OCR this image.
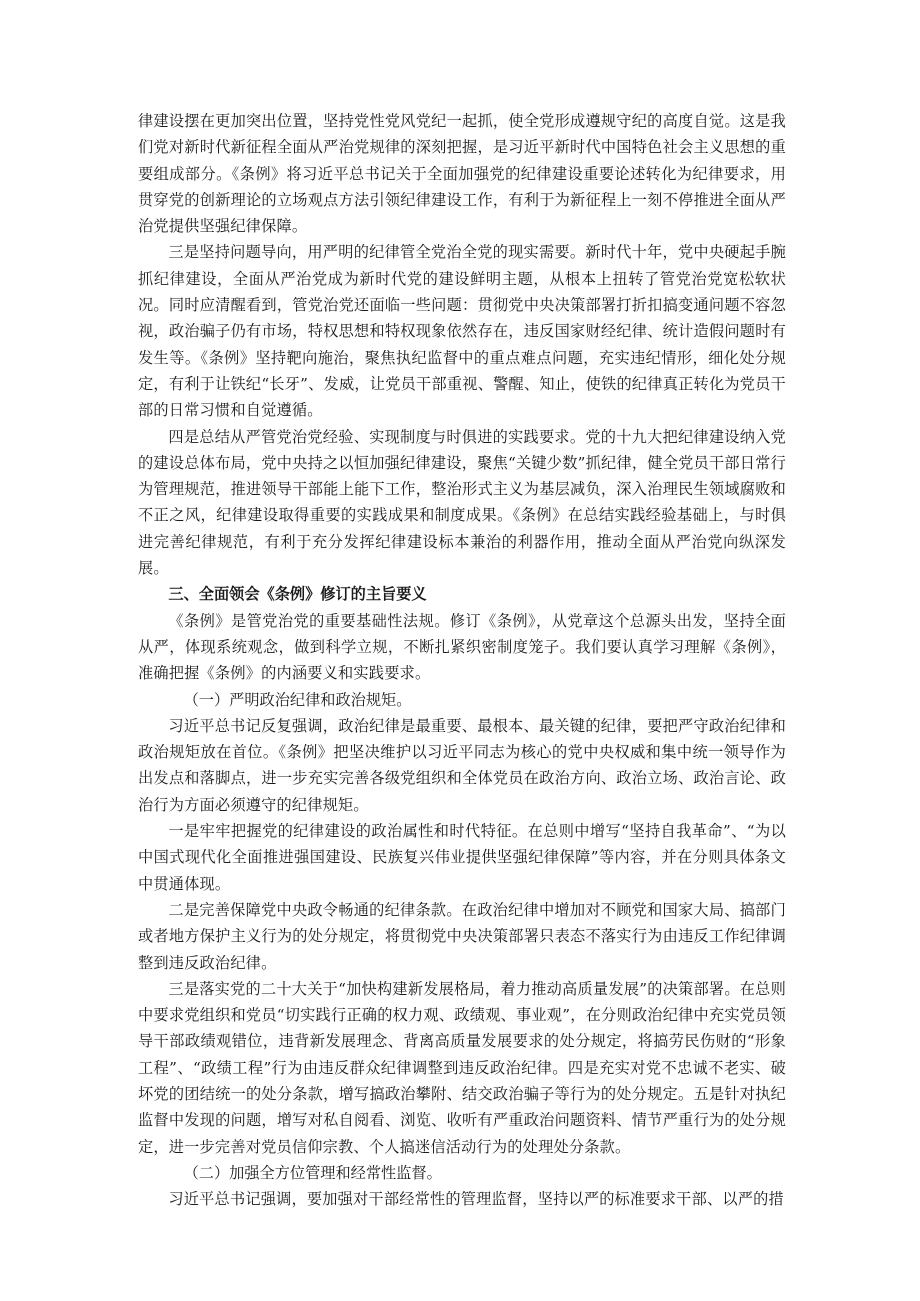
律建设摆在更加突出位置，坚持党性党风党纪一起抓，使全党形成遵规守纪的高度自觉。这是我们党对新时代新征程全面从严治党规律的深刻把握，是习近平新时代中国特色社会主义思想的重要组成部分。《条例》将习近平总书记关于全面加强党的纪律建设重要论述转化为纪律要求，用贯穿党的创新理论的立场观点方法引领纪律建设工作，有利于为新征程上一刻不停推进全面从严治党提供坚强纪律保障。

三是坚持问题导向，用严明的纪律管全党治全党的现实需要。新时代十年，党中央硬起手腕抓纪律建设，全面从严治党成为新时代党的建设鲜明主题，从根本上扭转了管党治党宽松软状况。同时应清醒看到，管党治党还面临一些问题：贯彻党中央决策部署打折扣搞变通问题不容忽视，政治骗子仍有市场，特权思想和特权现象依然存在，违反国家财经纪律、统计造假问题时有发生等。《条例》坚持靶向施治，聚焦执纪监督中的重点难点问题，充实违纪情形，细化处分规定，有利于让铁纪“长牙”、发威，让党员干部重视、警醒、知止，使铁的纪律真正转化为党员干部的日常习惯和自觉遵循。

四是总结从严管党治党经验、实现制度与时俱进的实践要求。党的十九大把纪律建设纳入党的建设总体布局，党中央持之以恒加强纪律建设，聚焦“关键少数”抓纪律，健全党员干部日常行为管理规范，推进领导干部能上能下工作，整治形式主义为基层减负，深入治理民生领域腐败和不正之风，纪律建设取得重要的实践成果和制度成果。《条例》在总结实践经验基础上，与时俱进完善纪律规范，有利于充分发挥纪律建设标本兼治的利器作用，推动全面从严治党向纵深发展。

三、全面领会《条例》修订的主旨要义

《条例》是管党治党的重要基础性法规。修订《条例》，从党章这个总源头出发，坚持全面从严，体现系统观念，做到科学立规，不断扎紧织密制度笼子。我们要认真学习理解《条例》，准确把握《条例》的内涵要义和实践要求。

（一）严明政治纪律和政治规矩。

习近平总书记反复强调，政治纪律是最重要、最根本、最关键的纪律，要把严守政治纪律和政治规矩放在首位。《条例》把坚决维护以习近平同志为核心的党中央权威和集中统一领导作为出发点和落脚点，进一步充实完善各级党组织和全体党员在政治方向、政治立场、政治言论、政治行为方面必须遵守的纪律规矩。

一是牢牢把握党的纪律建设的政治属性和时代特征。在总则中增写“坚持自我革命”、“为以中国式现代化全面推进强国建设、民族复兴伟业提供坚强纪律保障”等内容，并在分则具体条文中贯通体现。

二是完善保障党中央政令畅通的纪律条款。在政治纪律中增加对不顾党和国家大局、搞部门或者地方保护主义行为的处分规定，将贯彻党中央决策部署只表态不落实行为由违反工作纪律调整到违反政治纪律。

三是落实党的二十大关于“加快构建新发展格局，着力推动高质量发展”的决策部署。在总则中要求党组织和党员“切实践行正确的权力观、政绩观、事业观”，在分则政治纪律中充实党员领导干部政绩观错位，违背新发展理念、背离高质量发展要求的处分规定，将搞劳民伤财的“形象工程”、“政绩工程”行为由违反群众纪律调整到违反政治纪律。四是充实对党不忠诚不老实、破坏党的团结统一的处分条款，增写搞政治攀附、结交政治骗子等行为的处分规定。五是针对执纪监督中发现的问题，增写对私自阅看、浏览、收听有严重政治问题资料、情节严重行为的处分规定，进一步完善对党员信仰宗教、个人搞迷信活动行为的处理处分条款。

（二）加强全方位管理和经常性监督。

习近平总书记强调，要加强对干部经常性的管理监督，坚持以严的标准要求干部、以严的措
